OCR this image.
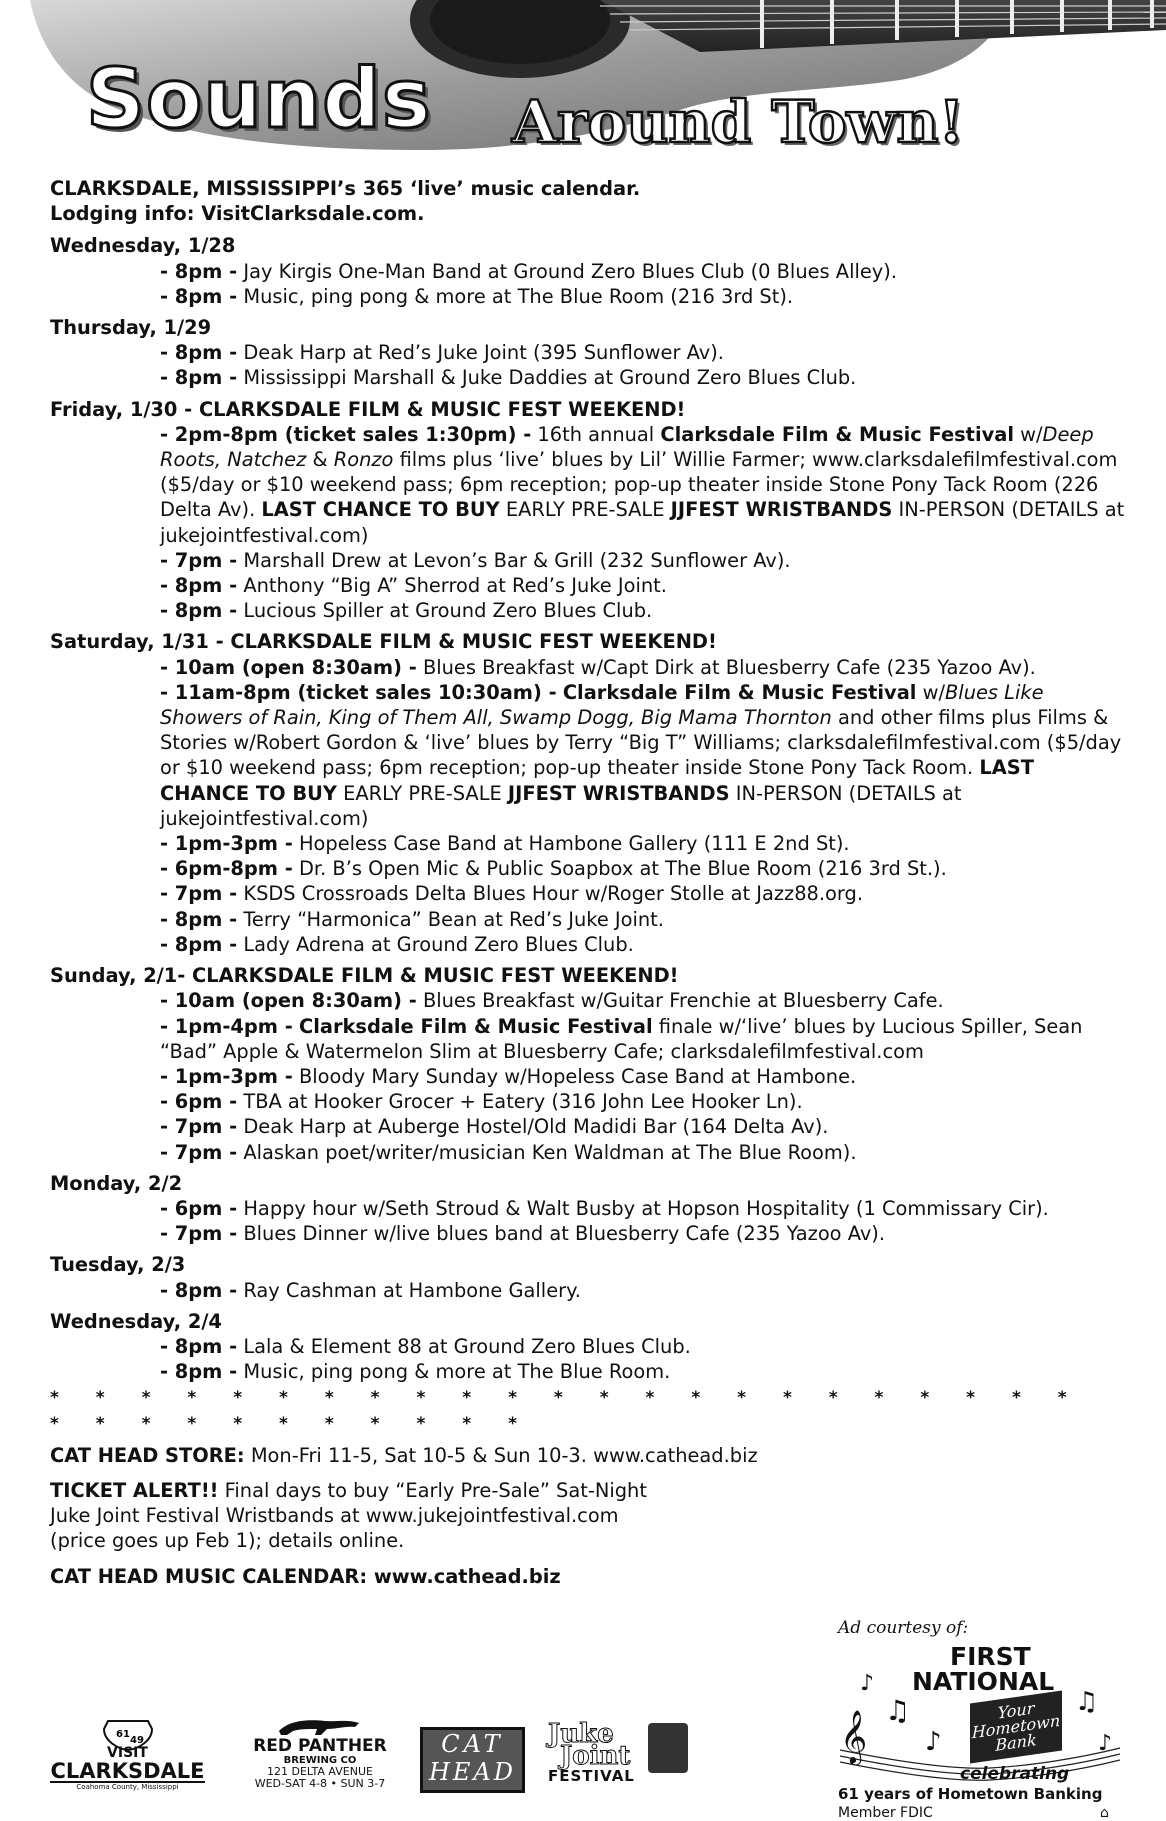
Sounds Around Town!
CLARKSDALE, MISSISSIPPI’s 365 ‘live’ music calendar.
Lodging info: VisitClarksdale.com.
Wednesday, 1/28
- 8pm - Jay Kirgis One-Man Band at Ground Zero Blues Club (0 Blues Alley).
- 8pm - Music, ping pong & more at The Blue Room (216 3rd St).
Thursday, 1/29
- 8pm - Deak Harp at Red’s Juke Joint (395 Sunflower Av).
- 8pm - Mississippi Marshall & Juke Daddies at Ground Zero Blues Club.
Friday, 1/30 - CLARKSDALE FILM & MUSIC FEST WEEKEND!
- 2pm-8pm (ticket sales 1:30pm) - 16th annual Clarksdale Film & Music Festival w/Deep Roots, Natchez & Ronzo films plus ‘live’ blues by Lil’ Willie Farmer; www.clarksdalefilmfestival.com ($5/day or $10 weekend pass; 6pm reception; pop-up theater inside Stone Pony Tack Room (226 Delta Av). LAST CHANCE TO BUY EARLY PRE-SALE JJFEST WRISTBANDS IN-PERSON (DETAILS at jukejointfestival.com)
- 7pm - Marshall Drew at Levon’s Bar & Grill (232 Sunflower Av).
- 8pm - Anthony “Big A” Sherrod at Red’s Juke Joint.
- 8pm - Lucious Spiller at Ground Zero Blues Club.
Saturday, 1/31 - CLARKSDALE FILM & MUSIC FEST WEEKEND!
- 10am (open 8:30am) - Blues Breakfast w/Capt Dirk at Bluesberry Cafe (235 Yazoo Av).
- 11am-8pm (ticket sales 10:30am) - Clarksdale Film & Music Festival w/Blues Like Showers of Rain, King of Them All, Swamp Dogg, Big Mama Thornton and other films plus Films & Stories w/Robert Gordon & ‘live’ blues by Terry “Big T” Williams; clarksdalefilmfestival.com ($5/day or $10 weekend pass; 6pm reception; pop-up theater inside Stone Pony Tack Room. LAST CHANCE TO BUY EARLY PRE-SALE JJFEST WRISTBANDS IN-PERSON (DETAILS at jukejointfestival.com)
- 1pm-3pm - Hopeless Case Band at Hambone Gallery (111 E 2nd St).
- 6pm-8pm - Dr. B’s Open Mic & Public Soapbox at The Blue Room (216 3rd St.).
- 7pm - KSDS Crossroads Delta Blues Hour w/Roger Stolle at Jazz88.org.
- 8pm - Terry “Harmonica” Bean at Red’s Juke Joint.
- 8pm - Lady Adrena at Ground Zero Blues Club.
Sunday, 2/1- CLARKSDALE FILM & MUSIC FEST WEEKEND!
- 10am (open 8:30am) - Blues Breakfast w/Guitar Frenchie at Bluesberry Cafe.
- 1pm-4pm - Clarksdale Film & Music Festival finale w/‘live’ blues by Lucious Spiller, Sean “Bad” Apple & Watermelon Slim at Bluesberry Cafe; clarksdalefilmfestival.com
- 1pm-3pm - Bloody Mary Sunday w/Hopeless Case Band at Hambone.
- 6pm - TBA at Hooker Grocer + Eatery (316 John Lee Hooker Ln).
- 7pm - Deak Harp at Auberge Hostel/Old Madidi Bar (164 Delta Av).
- 7pm - Alaskan poet/writer/musician Ken Waldman at The Blue Room).
Monday, 2/2
- 6pm - Happy hour w/Seth Stroud & Walt Busby at Hopson Hospitality (1 Commissary Cir).
- 7pm - Blues Dinner w/live blues band at Bluesberry Cafe (235 Yazoo Av).
Tuesday, 2/3
- 8pm - Ray Cashman at Hambone Gallery.
Wednesday, 2/4
- 8pm - Lala & Element 88 at Ground Zero Blues Club.
- 8pm - Music, ping pong & more at The Blue Room.
* * * * * * * * * * * * * * * * * * * * * * * * * * * * * * * * * *
CAT HEAD STORE: Mon-Fri 11-5, Sat 10-5 & Sun 10-3. www.cathead.biz
TICKET ALERT!! Final days to buy “Early Pre-Sale” Sat-Night
Juke Joint Festival Wristbands at www.jukejointfestival.com
(price goes up Feb 1); details online.
CAT HEAD MUSIC CALENDAR: www.cathead.biz
Ad courtesy of:
𝄞 ♫
♪
♪
♫
♪
FIRST
NATIONAL
Your Hometown Bank
celebrating
61 years of Hometown Banking
Member FDIC	⌂
61
49
VISIT
CLARKSDALE
Coahoma County, Mississippi
RED PANTHER
BREWING CO
121 DELTA AVENUE
WED-SAT 4-8 • SUN 3-7
CAT
HEAD
Juke
Joint
FESTIVAL
